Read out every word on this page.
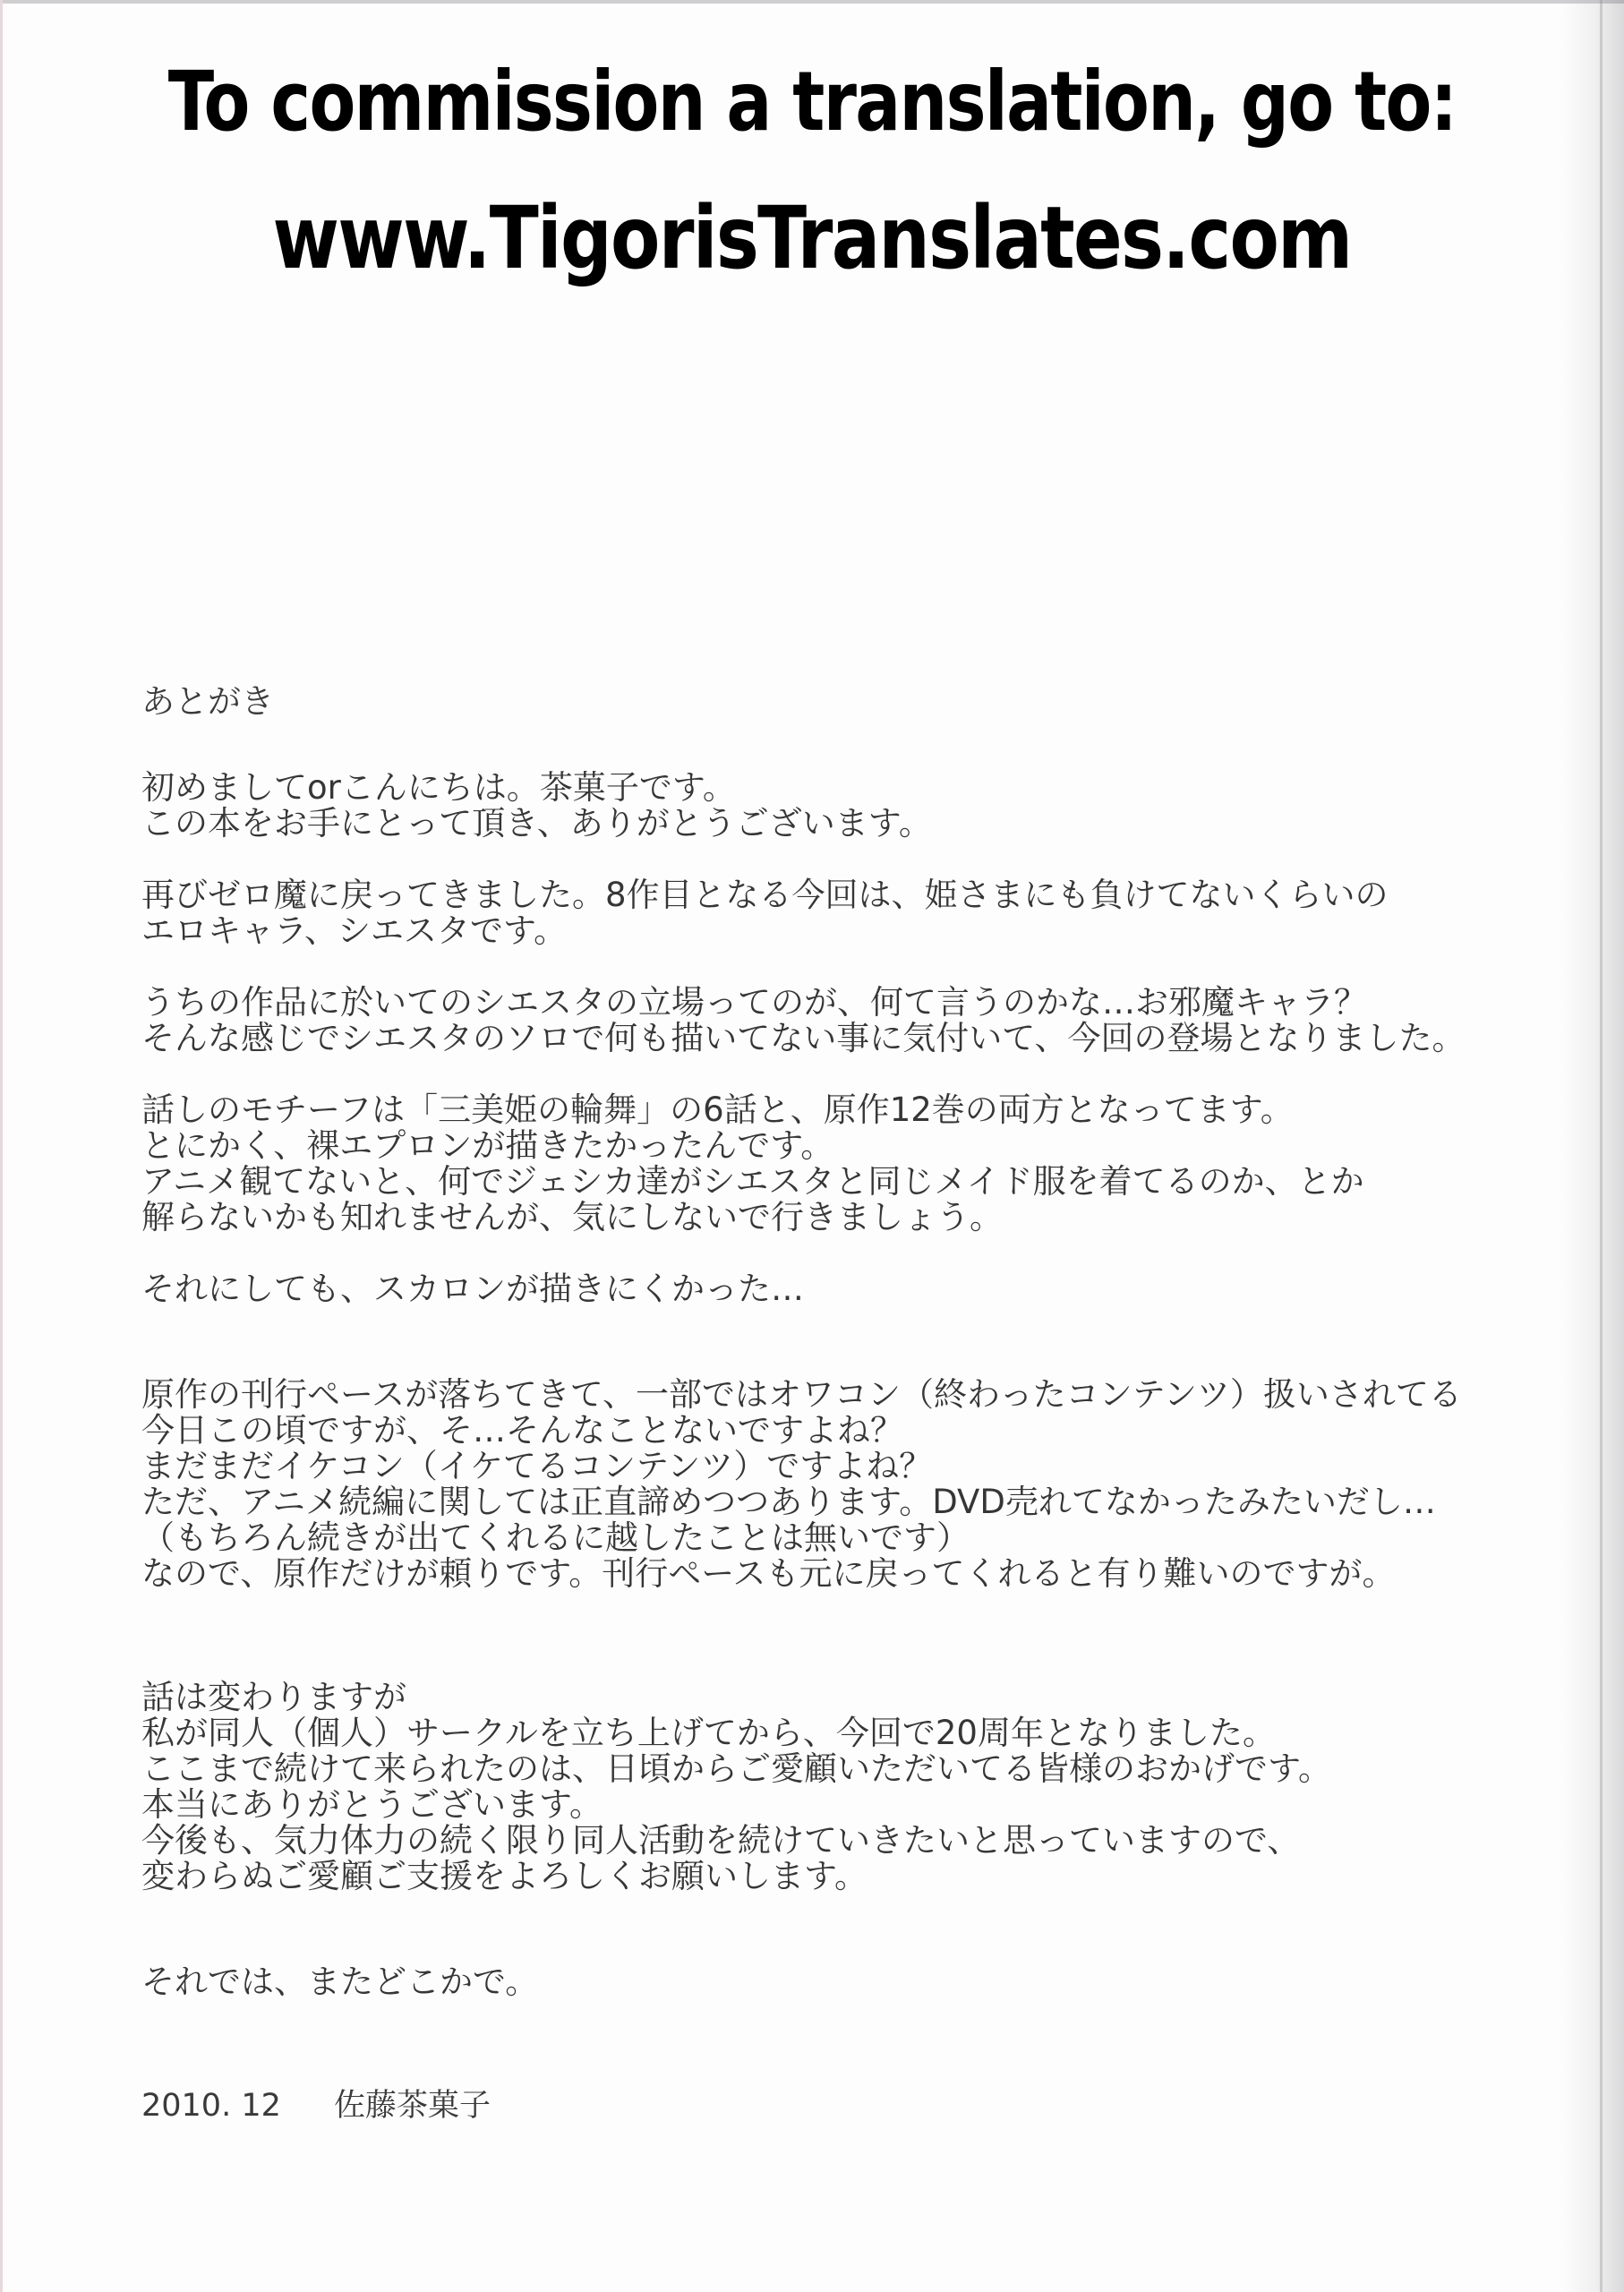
To commission a translation, go to:
www.TigorisTranslates.com
あとがき
初めましてorこんにちは。茶菓子です。
この本をお手にとって頂き、ありがとうございます。
再びゼロ魔に戻ってきました。8作目となる今回は、姫さまにも負けてないくらいの
エロキャラ、シエスタです。
うちの作品に於いてのシエスタの立場ってのが、何て言うのかな…お邪魔キャラ？
そんな感じでシエスタのソロで何も描いてない事に気付いて、今回の登場となりました。
話しのモチーフは「三美姫の輪舞」の6話と、原作12巻の両方となってます。
とにかく、裸エプロンが描きたかったんです。
アニメ観てないと、何でジェシカ達がシエスタと同じメイド服を着てるのか、とか
解らないかも知れませんが、気にしないで行きましょう。
それにしても、スカロンが描きにくかった…
原作の刊行ペースが落ちてきて、一部ではオワコン（終わったコンテンツ）扱いされてる
今日この頃ですが、そ…そんなことないですよね？
まだまだイケコン（イケてるコンテンツ）ですよね？
ただ、アニメ続編に関しては正直諦めつつあります。DVD売れてなかったみたいだし…
（もちろん続きが出てくれるに越したことは無いです）
なので、原作だけが頼りです。刊行ペースも元に戻ってくれると有り難いのですが。
話は変わりますが
私が同人（個人）サークルを立ち上げてから、今回で20周年となりました。
ここまで続けて来られたのは、日頃からご愛顧いただいてる皆様のおかげです。
本当にありがとうございます。
今後も、気力体力の続く限り同人活動を続けていきたいと思っていますので、
変わらぬご愛顧ご支援をよろしくお願いします。
それでは、またどこかで。
2010. 12 佐藤茶菓子
